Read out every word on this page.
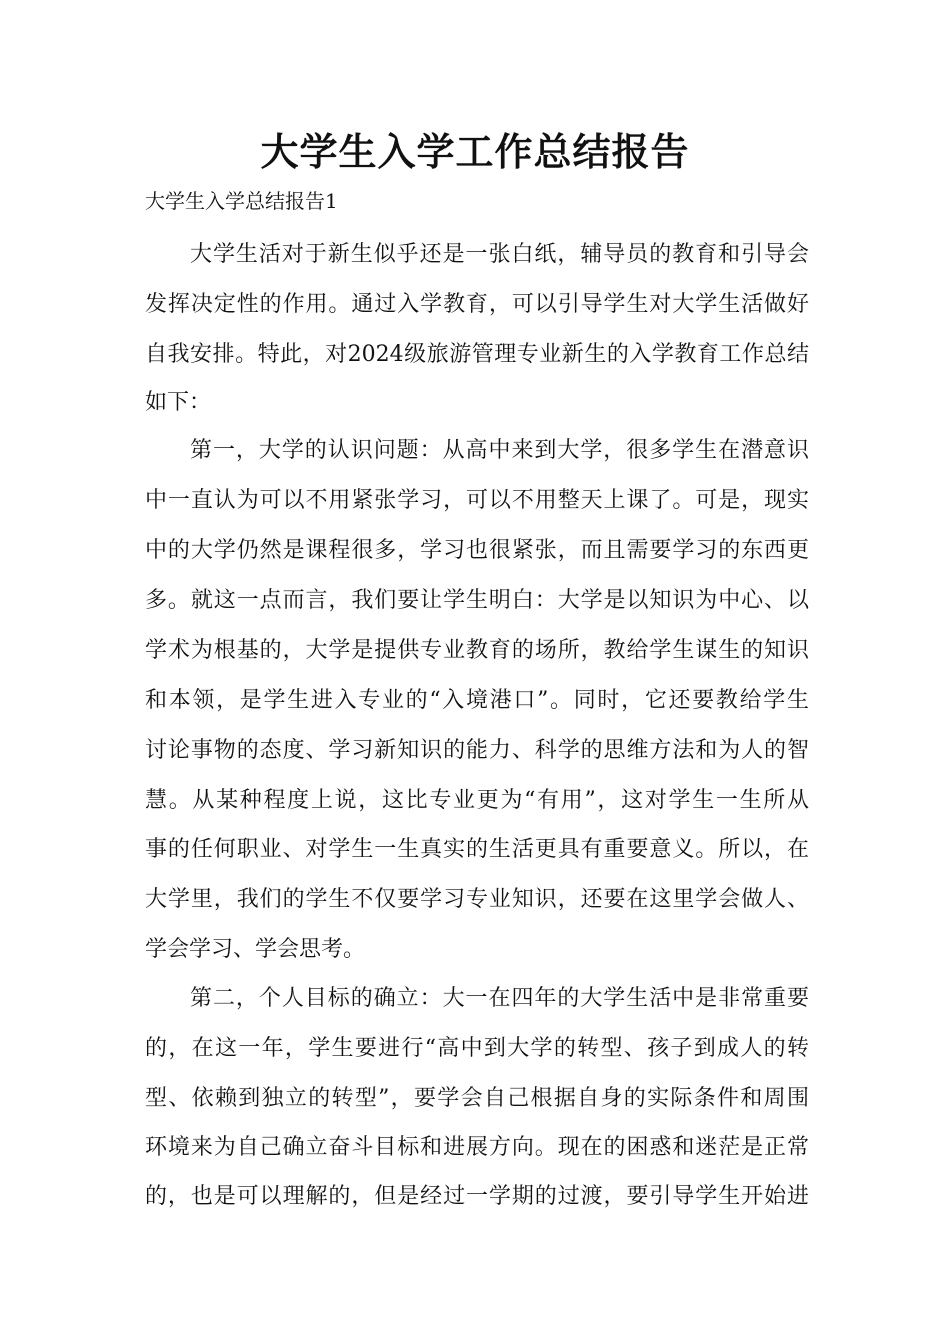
大学生入学工作总结报告
大学生入学总结报告1
大学生活对于新生似乎还是一张白纸，辅导员的教育和引导会
发挥决定性的作用。通过入学教育，可以引导学生对大学生活做好
自我安排。特此，对2024级旅游管理专业新生的入学教育工作总结
如下：
第一，大学的认识问题：从高中来到大学，很多学生在潜意识
中一直认为可以不用紧张学习，可以不用整天上课了。可是，现实
中的大学仍然是课程很多，学习也很紧张，而且需要学习的东西更
多。就这一点而言，我们要让学生明白：大学是以知识为中心、以
学术为根基的，大学是提供专业教育的场所，教给学生谋生的知识
和本领，是学生进入专业的“入境港口”。同时，它还要教给学生
讨论事物的态度、学习新知识的能力、科学的思维方法和为人的智
慧。从某种程度上说，这比专业更为“有用”，这对学生一生所从
事的任何职业、对学生一生真实的生活更具有重要意义。所以，在
大学里，我们的学生不仅要学习专业知识，还要在这里学会做人、
学会学习、学会思考。
第二，个人目标的确立：大一在四年的大学生活中是非常重要
的，在这一年，学生要进行“高中到大学的转型、孩子到成人的转
型、依赖到独立的转型”，要学会自己根据自身的实际条件和周围
环境来为自己确立奋斗目标和进展方向。现在的困惑和迷茫是正常
的，也是可以理解的，但是经过一学期的过渡，要引导学生开始进
